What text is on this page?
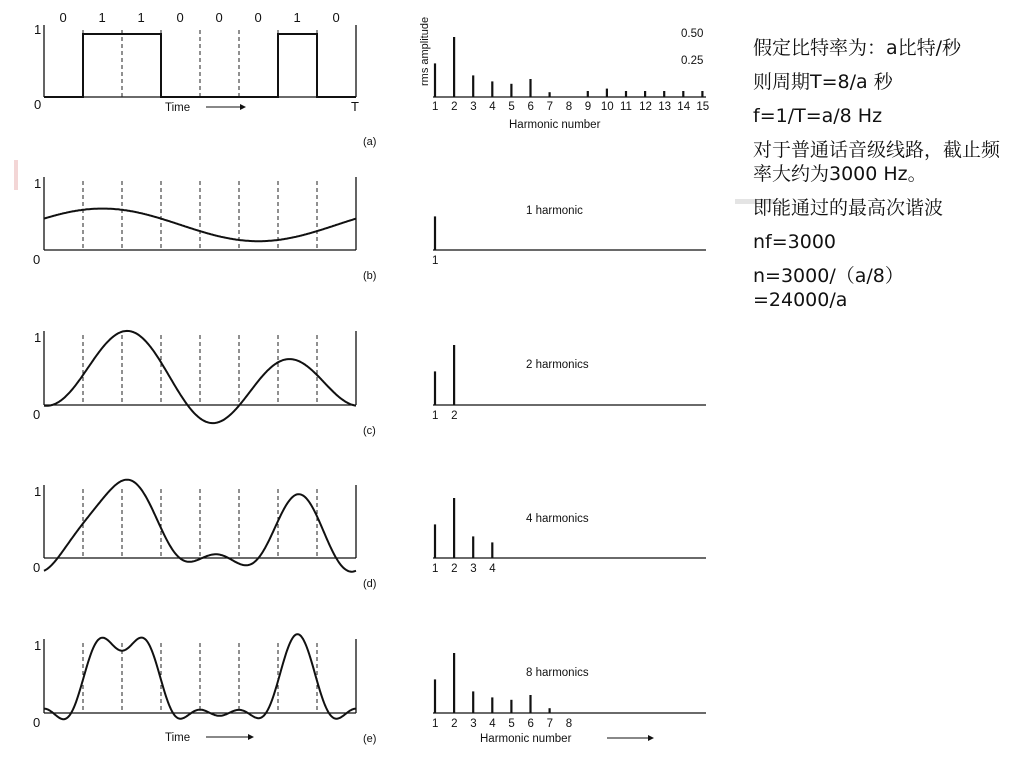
0 1 1 0 0 0 1 0
1
0	Time	T
(a)
rms amplitude
1 2 3 4 5 6 7 8 9 10 11 12 13 14 15
0.50
0.25
Harmonic number
1
0
(b)
1 harmonic
1
1
0
(c)
2 harmonics
1 2
1
0
(d)
4 harmonics
1 2 3 4
1
0
(e)
8 harmonics
1 2 3 4 5 6 7 8
Time	Harmonic number

假定比特率为：a比特/秒

则周期T=8/a 秒

f=1/T=a/8 Hz

对于普通话音级线路，截止频率大约为3000 Hz。

即能通过的最高次谐波

nf=3000

n=3000/（a/8）

=24000/a
